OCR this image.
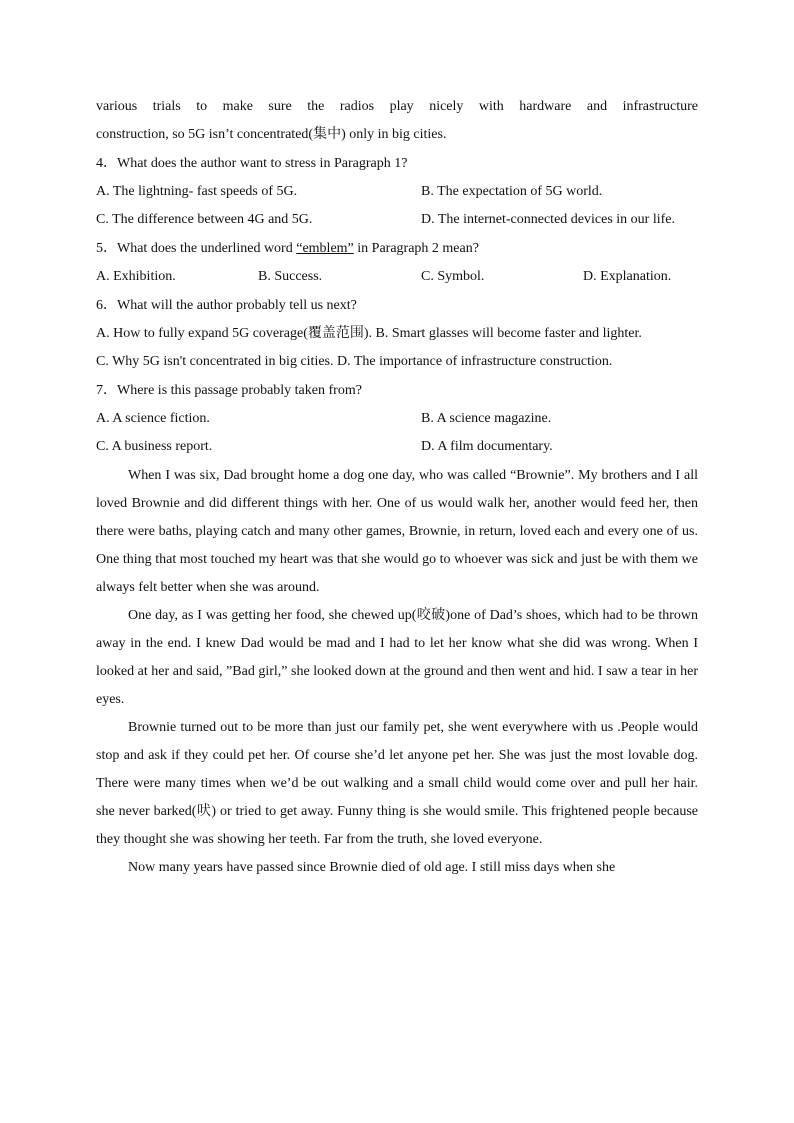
various trials to make sure the radios play nicely with hardware and infrastructure
construction, so 5G isn’t concentrated(集中) only in big cities.
4．What does the author want to stress in Paragraph 1?
A. The lightning- fast speeds of 5G.	B. The expectation of 5G world.
C. The difference between 4G and 5G.	D. The internet-connected devices in our life.
5．What does the underlined word “emblem” in Paragraph 2 mean?
A. Exhibition.	B. Success.	C. Symbol.	D. Explanation.
6．What will the author probably tell us next?
A. How to fully expand 5G coverage(覆盖范围). B. Smart glasses will become faster and lighter.
C. Why 5G isn't concentrated in big cities. D. The importance of infrastructure construction.
7．Where is this passage probably taken from?
A. A science fiction.	B. A science magazine.
C. A business report.	D. A film documentary.

When I was six, Dad brought home a dog one day, who was called “Brownie”. My brothers and I all loved Brownie and did different things with her. One of us would walk her, another would feed her, then there were baths, playing catch and many other games, Brownie, in return, loved each and every one of us. One thing that most touched my heart was that she would go to whoever was sick and just be with them we always felt better when she was around.

One day, as I was getting her food, she chewed up(咬破)one of Dad’s shoes, which had to be thrown away in the end. I knew Dad would be mad and I had to let her know what she did was wrong. When I looked at her and said, ”Bad girl,” she looked down at the ground and then went and hid. I saw a tear in her eyes.

Brownie turned out to be more than just our family pet, she went everywhere with us .People would stop and ask if they could pet her. Of course she’d let anyone pet her. She was just the most lovable dog. There were many times when we’d be out walking and a small child would come over and pull her hair. she never barked(吠) or tried to get away. Funny thing is she would smile. This frightened people because they thought she was showing her teeth. Far from the truth, she loved everyone.

Now many years have passed since Brownie died of old age. I still miss days when she
